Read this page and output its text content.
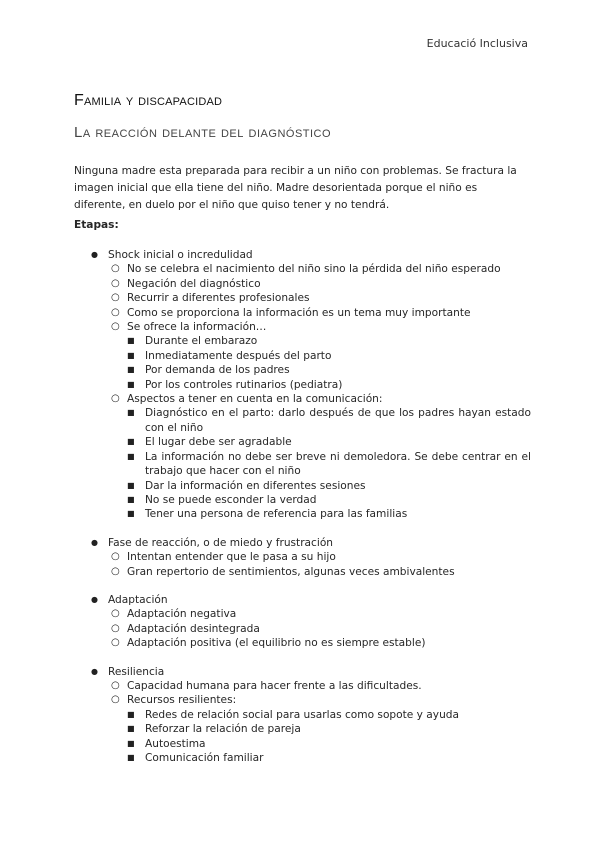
Educació Inclusiva
Familia y discapacidad
La reacción delante del diagnóstico

Ninguna madre esta preparada para recibir a un niño con problemas. Se fractura la imagen inicial que ella tiene del niño. Madre desorientada porque el niño es diferente, en duelo por el niño que quiso tener y no tendrá.

Etapas:
● Shock inicial o incredulidad
○ No se celebra el nacimiento del niño sino la pérdida del niño esperado
○ Negación del diagnóstico
○ Recurrir a diferentes profesionales
○ Como se proporciona la información es un tema muy importante
○ Se ofrece la información…
■ Durante el embarazo
■ Inmediatamente después del parto
■ Por demanda de los padres
■ Por los controles rutinarios (pediatra)
○ Aspectos a tener en cuenta en la comunicación:
■ Diagnóstico en el parto: darlo después de que los padres hayan estado con el niño
■ El lugar debe ser agradable
■ La información no debe ser breve ni demoledora. Se debe centrar en el trabajo que hacer con el niño
■ Dar la información en diferentes sesiones
■ No se puede esconder la verdad
■ Tener una persona de referencia para las familias
● Fase de reacción, o de miedo y frustración
○ Intentan entender que le pasa a su hijo
○ Gran repertorio de sentimientos, algunas veces ambivalentes
● Adaptación
○ Adaptación negativa
○ Adaptación desintegrada
○ Adaptación positiva (el equilibrio no es siempre estable)
● Resiliencia
○ Capacidad humana para hacer frente a las dificultades.
○ Recursos resilientes:
■ Redes de relación social para usarlas como sopote y ayuda
■ Reforzar la relación de pareja
■ Autoestima
■ Comunicación familiar
